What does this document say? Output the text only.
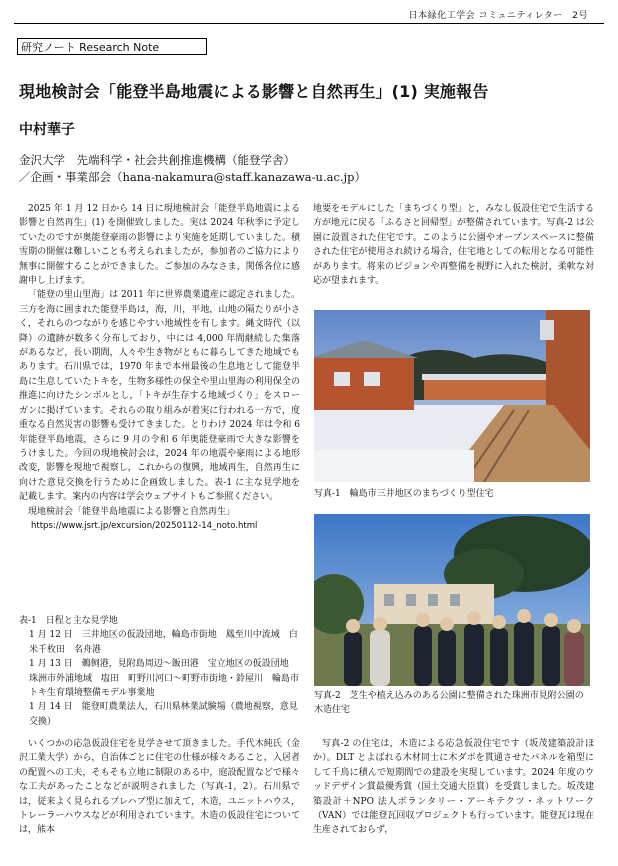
日本緑化工学会 コミュニティレター　2号
研究ノート Research Note
現地検討会「能登半島地震による影響と自然再生」(1) 実施報告
中村華子
金沢大学　先端科学・社会共創推進機構（能登学舎）
／企画・事業部会（hana-nakamura@staff.kanazawa-u.ac.jp）

2025 年 1 月 12 日から 14 日に現地検討会「能登半島地震による影響と自然再生」(1) を開催致しました。実は 2024 年秋季に予定していたのですが奥能登豪雨の影響により実施を延期していました。積雪期の開催は難しいことも考えられましたが，参加者のご協力により無事に開催することができました。ご参加のみなさま，関係各位に感謝申し上げます。

「能登の里山里海」は 2011 年に世界農業遺産に認定されました。三方を海に囲まれた能登半島は，海，川，平地，山地の隔たりが小さく，それらのつながりを感じやすい地域性を有します。縄文時代（以降）の遺跡が数多く分布しており，中には 4,000 年間継続した集落があるなど，長い期間，人々や生き物がともに暮らしてきた地域でもあります。石川県では，1970 年まで本州最後の生息地として能登半島に生息していたトキを，生物多様性の保全や里山里海の利用保全の推進に向けたシンボルとし，「トキが生存する地域づくり」をスローガンに掲げています。それらの取り組みが着実に行われる一方で，度重なる自然災害の影響も受けてきました。とりわけ 2024 年は令和 6 年能登半島地震，さらに 9 月の令和 6 年奥能登豪雨で大きな影響をうけました。今回の現地検討会は，2024 年の地震や豪雨による地形改変，影響を現地で視察し，これからの復興，地域再生，自然再生に向けた意見交換を行うために企画致しました。表-1 に主な見学地を記載します。案内の内容は学会ウェブサイトもご参照ください。

現地検討会「能登半島地震による影響と自然再生」

https://www.jsrt.jp/excursion/20250112-14_noto.html

表-1　日程と主な見学地
1 月 12 日　三井地区の仮設団地，輪島市街地　鳳至川中流域　白米千枚田　名舟港
1 月 13 日　鵜飼港，見附島周辺～飯田港　宝立地区の仮設団地　珠洲市外浦地域　塩田　町野川河口～町野市街地・鈴屋川　輪島市トキ生育環境整備モデル事業地
1 月 14 日　能登町農業法人，石川県林業試験場（農地視察，意見交換）

いくつかの応急仮設住宅を見学させて頂きました。手代木純氏（金沢工業大学）から，自治体ごとに住宅の仕様が様々あること，入居者の配置への工夫，そもそも立地に制限のある中，庭設配置などで様々な工夫があったことなどが説明されました（写真-1，2）。石川県では，従来よく見られるプレハブ型に加えて，木造，ユニットハウス，トレーラーハウスなどが利用されています。木造の仮設住宅については，熊本

地要をモデルにした「まちづくり型」と，みなし仮設住宅で生活する方が地元に戻る「ふるさと回帰型」が整備されています。写真-2 は公園に設置された住宅です。このように公園やオープンスペースに整備された住宅が使用され続ける場合，住宅地としての転用となる可能性があります。将来のビジョンや再整備を視野に入れた検討，柔軟な対応が望まれます。

写真-1　輪島市三井地区のまちづくり型住宅
写真-2　芝生や植え込みのある公園に整備された珠洲市見附公園の木造住宅

写真-2 の住宅は，木造による応急仮設住宅です（坂茂建築設計ほか）。DLT とよばれる木材同士に木ダボを貫通させたパネルを箱型にして千鳥に積んで短期間での建設を実現しています。2024 年度のウッドデザイン賞最優秀賞（国土交通大臣賞）を受賞しました。坂茂建築設計＋NPO 法人ボランタリー・アーキテクツ・ネットワーク（VAN）では能登瓦回収プロジェクトも行っています。能登瓦は現在生産されておらず，
